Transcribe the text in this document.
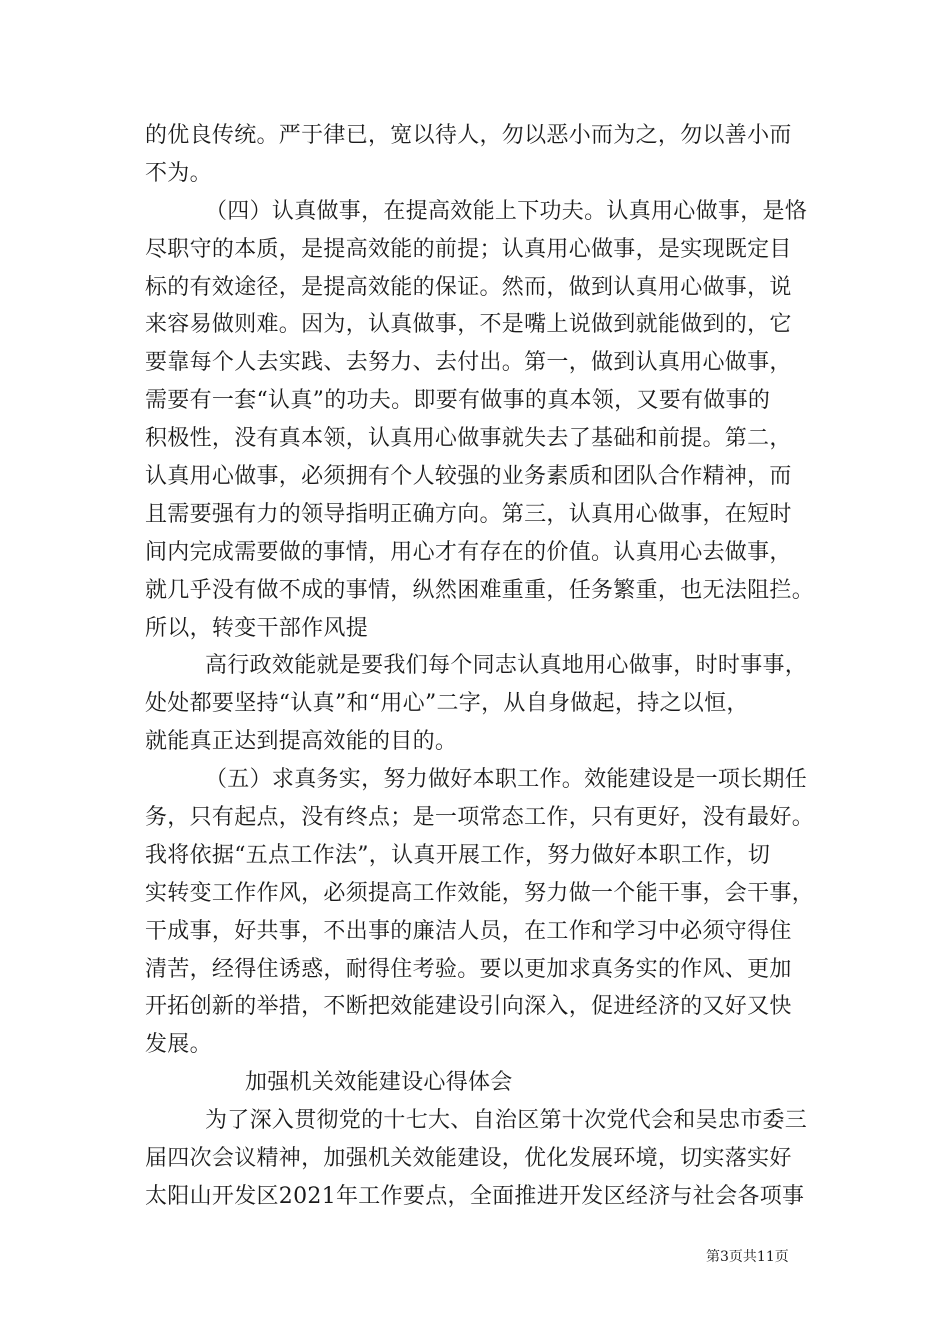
的优良传统。严于律已，宽以待人，勿以恶小而为之，勿以善小而
不为。
（四）认真做事，在提高效能上下功夫。认真用心做事，是恪
尽职守的本质，是提高效能的前提；认真用心做事，是实现既定目
标的有效途径，是提高效能的保证。然而，做到认真用心做事，说
来容易做则难。因为，认真做事，不是嘴上说做到就能做到的，它
要靠每个人去实践、去努力、去付出。第一，做到认真用心做事，
需要有一套“认真”的功夫。即要有做事的真本领，又要有做事的
积极性，没有真本领，认真用心做事就失去了基础和前提。第二，
认真用心做事，必须拥有个人较强的业务素质和团队合作精神，而
且需要强有力的领导指明正确方向。第三，认真用心做事，在短时
间内完成需要做的事情，用心才有存在的价值。认真用心去做事，
就几乎没有做不成的事情，纵然困难重重，任务繁重，也无法阻拦。
所以，转变干部作风提
高行政效能就是要我们每个同志认真地用心做事，时时事事，
处处都要坚持“认真”和“用心”二字，从自身做起，持之以恒，
就能真正达到提高效能的目的。
（五）求真务实，努力做好本职工作。效能建设是一项长期任
务，只有起点，没有终点；是一项常态工作，只有更好，没有最好。
我将依据“五点工作法”，认真开展工作，努力做好本职工作，切
实转变工作作风，必须提高工作效能，努力做一个能干事，会干事，
干成事，好共事，不出事的廉洁人员，在工作和学习中必须守得住
清苦，经得住诱惑，耐得住考验。要以更加求真务实的作风、更加
开拓创新的举措，不断把效能建设引向深入，促进经济的又好又快
发展。
加强机关效能建设心得体会
为了深入贯彻党的十七大、自治区第十次党代会和吴忠市委三
届四次会议精神，加强机关效能建设，优化发展环境，切实落实好
太阳山开发区2021年工作要点，全面推进开发区经济与社会各项事
第3页共11页
